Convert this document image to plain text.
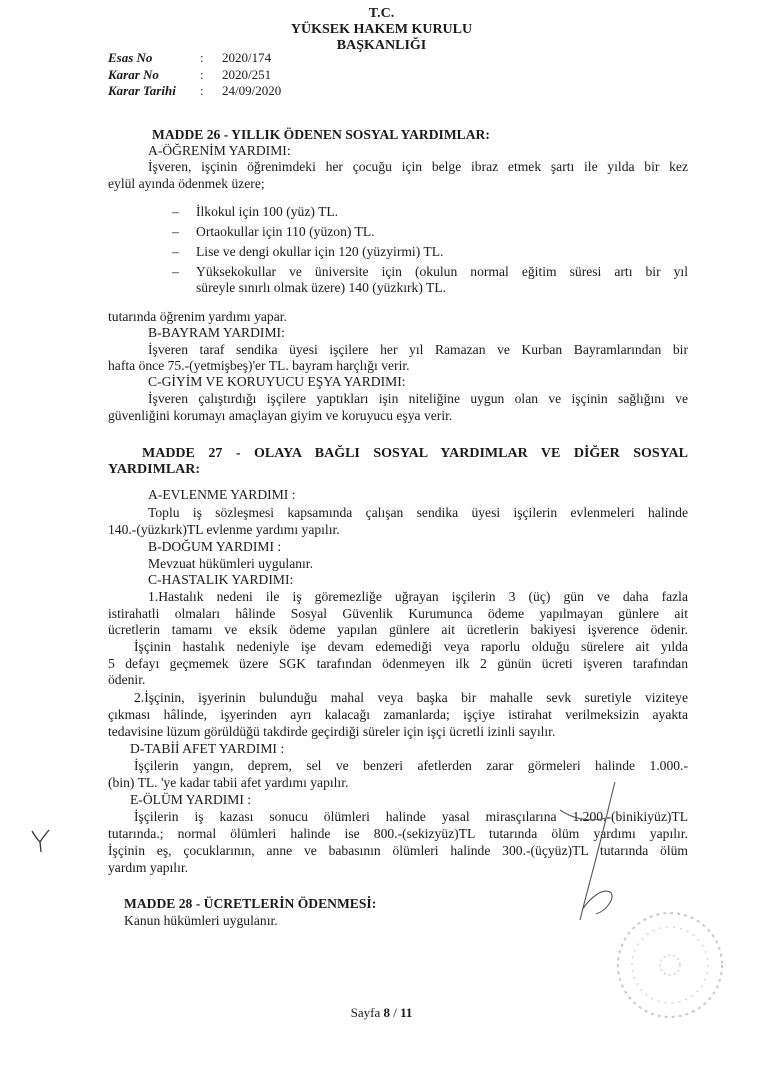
T.C.
YÜKSEK HAKEM KURULU
BAŞKANLIĞI
Esas No	:	2020/174
Karar No	:	2020/251
Karar Tarihi	:	24/09/2020
MADDE 26 - YILLIK ÖDENEN SOSYAL YARDIMLAR:
A-ÖĞRENİM YARDIMI:
İşveren, işçinin öğrenimdeki her çocuğu için belge ibraz etmek şartı ile yılda bir kez
eylül ayında ödenmek üzere;
– İlkokul için 100 (yüz) TL.
– Ortaokullar için 110 (yüzon) TL.
– Lise ve dengi okullar için 120 (yüzyirmi) TL.
– Yüksekokullar ve üniversite için (okulun normal eğitim süresi artı bir yıl
süreyle sınırlı olmak üzere) 140 (yüzkırk) TL.
tutarında öğrenim yardımı yapar.
B-BAYRAM YARDIMI:
İşveren taraf sendika üyesi işçilere her yıl Ramazan ve Kurban Bayramlarından bir
hafta önce 75.-(yetmişbeş)'er TL. bayram harçlığı verir.
C-GİYİM VE KORUYUCU EŞYA YARDIMI:
İşveren çalıştırdığı işçilere yaptıkları işin niteliğine uygun olan ve işçinin sağlığını ve
güvenliğini korumayı amaçlayan giyim ve koruyucu eşya verir.
MADDE 27 - OLAYA BAĞLI SOSYAL YARDIMLAR VE DİĞER SOSYAL
YARDIMLAR:
A-EVLENME YARDIMI :
Toplu iş sözleşmesi kapsamında çalışan sendika üyesi işçilerin evlenmeleri halinde
140.-(yüzkırk)TL evlenme yardımı yapılır.
B-DOĞUM YARDIMI :
Mevzuat hükümleri uygulanır.
C-HASTALIK YARDIMI:
1.Hastalık nedeni ile iş göremezliğe uğrayan işçilerin 3 (üç) gün ve daha fazla
istirahatli olmaları hâlinde Sosyal Güvenlik Kurumunca ödeme yapılmayan günlere ait
ücretlerin tamamı ve eksik ödeme yapılan günlere ait ücretlerin bakiyesi işverence ödenir.
İşçinin hastalık nedeniyle işe devam edemediği veya raporlu olduğu sürelere ait yılda
5 defayı geçmemek üzere SGK tarafından ödenmeyen ilk 2 günün ücreti işveren tarafından
ödenir.
2.İşçinin, işyerinin bulunduğu mahal veya başka bir mahalle sevk suretiyle viziteye
çıkması hâlinde, işyerinden ayrı kalacağı zamanlarda; işçiye istirahat verilmeksizin ayakta
tedavisine lüzum görüldüğü takdirde geçirdiği süreler için işçi ücretli izinli sayılır.
D-TABİİ AFET YARDIMI :
İşçilerin yangın, deprem, sel ve benzeri afetlerden zarar görmeleri halinde 1.000.-
(bin) TL. 'ye kadar tabii afet yardımı yapılır.
E-ÖLÜM YARDIMI :
İşçilerin iş kazası sonucu ölümleri halinde yasal mirasçılarına 1.200.-(binikiyüz)TL
tutarında.; normal ölümleri halinde ise 800.-(sekizyüz)TL tutarında ölüm yardımı yapılır.
İşçinin eş, çocuklarının, anne ve babasının ölümleri halinde 300.-(üçyüz)TL tutarında ölüm
yardım yapılır.
MADDE 28 - ÜCRETLERİN ÖDENMESİ:
Kanun hükümleri uygulanır.
Sayfa 8 / 11
